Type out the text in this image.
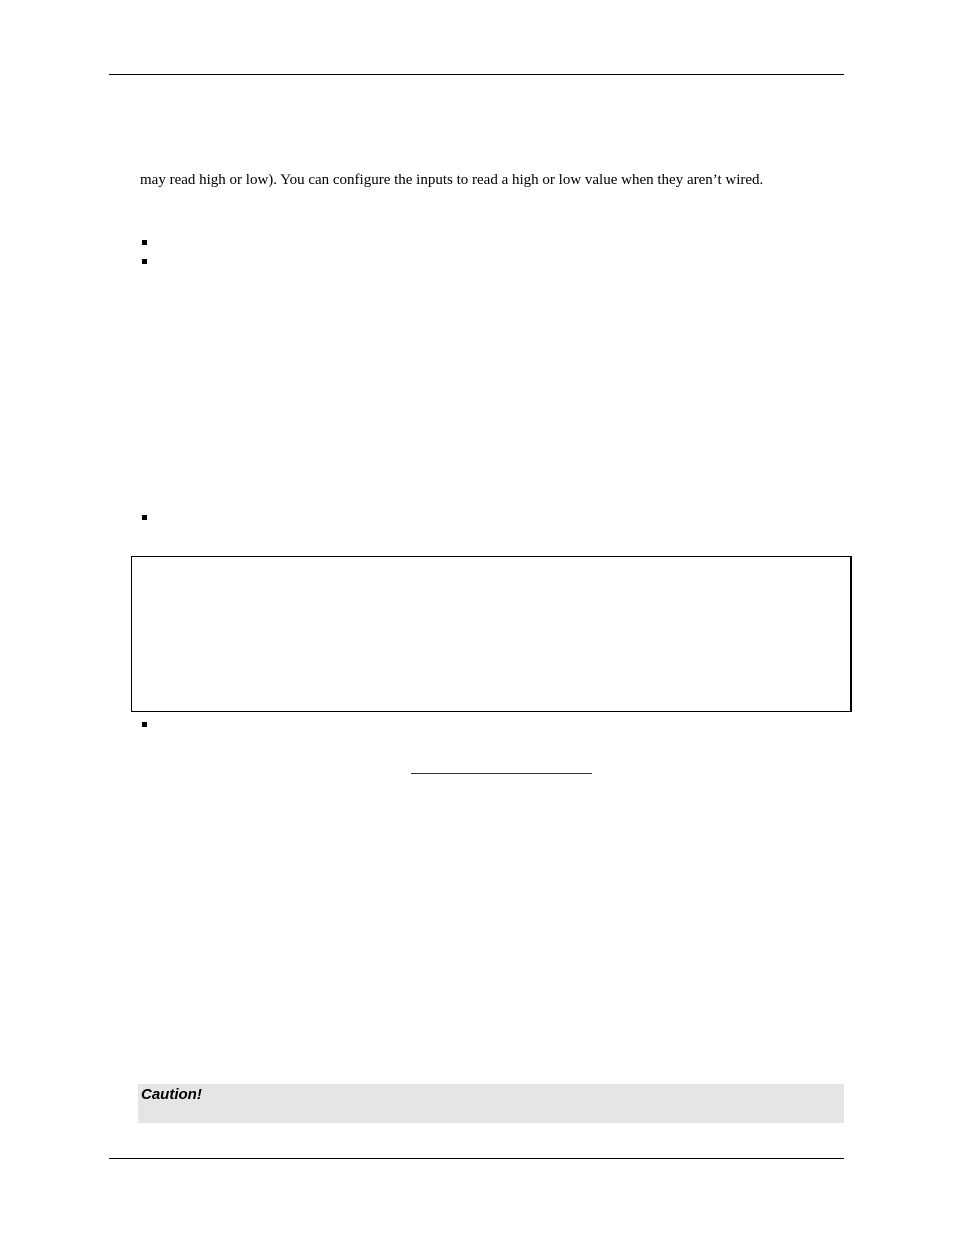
may read high or low). You can configure the inputs to read a high or low value when they aren’t wired.
Caution!
